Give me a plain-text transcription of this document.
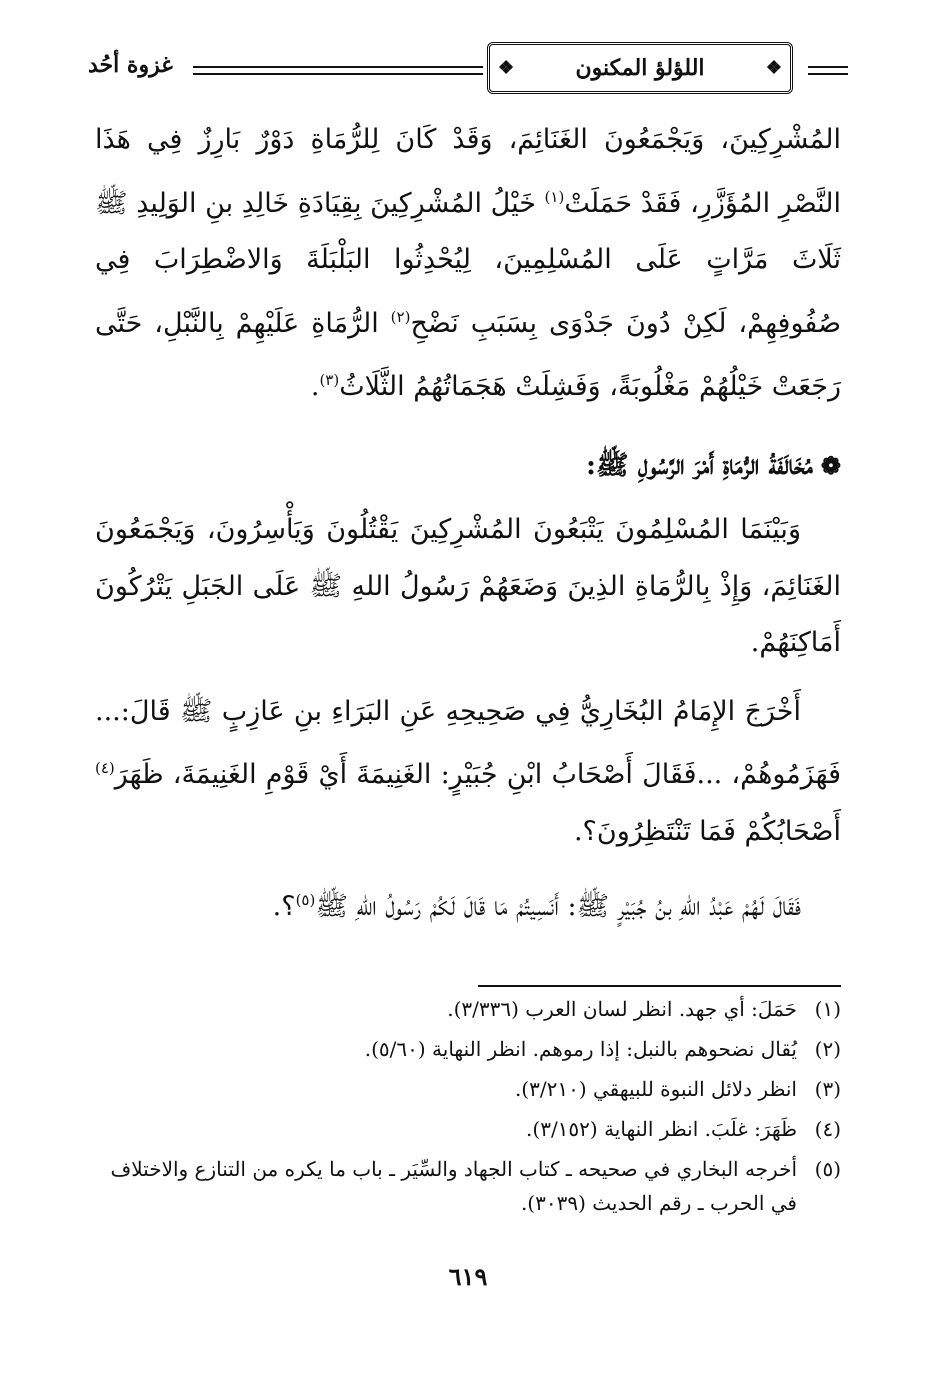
غزوة أحُد	❖
اللؤلؤ المكنون
❖

المُشْرِكِينَ، وَيَجْمَعُونَ الغَنَائِمَ، وَقَدْ كَانَ لِلرُّمَاةِ دَوْرٌ بَارِزٌ فِي هَذَا النَّصْرِ المُؤَزَّرِ، فَقَدْ حَمَلَتْ$^{(١)}$ خَيْلُ المُشْرِكِينَ بِقِيَادَةِ خَالِدِ بنِ الوَلِيدِ ﷺ ثَلَاثَ مَرَّاتٍ عَلَى المُسْلِمِينَ، لِيُحْدِثُوا البَلْبَلَةَ وَالاضْطِرَابَ فِي صُفُوفِهِمْ، لَكِنْ دُونَ جَدْوَى بِسَبَبِ نَضْحِ$^{(٢)}$ الرُّمَاةِ عَلَيْهِمْ بِالنَّبْلِ، حَتَّى رَجَعَتْ خَيْلُهُمْ مَغْلُوبَةً، وَفَشِلَتْ هَجَمَاتُهُمُ الثَّلَاثُ$^{(٣)}$.

❁مُخَالَفَةُ الرُّمَاةِ أَمْرَ الرَّسُولِ ﷺ:

وَبَيْنَمَا المُسْلِمُونَ يَتْبَعُونَ المُشْرِكِينَ يَقْتُلُونَ وَيَأْسِرُونَ، وَيَجْمَعُونَ الغَنَائِمَ، وَإِذْ بِالرُّمَاةِ الذِينَ وَضَعَهُمْ رَسُولُ اللهِ ﷺ عَلَى الجَبَلِ يَتْرُكُونَ أَمَاكِنَهُمْ.

أَخْرَجَ الإِمَامُ البُخَارِيُّ فِي صَحِيحِهِ عَنِ البَرَاءِ بنِ عَازِبٍ ﷺ قَالَ:... فَهَزَمُوهُمْ، ...فَقَالَ أَصْحَابُ ابْنِ جُبَيْرٍ: الغَنِيمَةَ أَيْ قَوْمِ الغَنِيمَةَ، ظَهَرَ$^{(٤)}$ أَصْحَابُكُمْ فَمَا تَنْتَظِرُونَ؟.

فَقَالَ لَهُمْ عَبْدُ اللهِ بنُ جُبَيْرٍ ﷺ: أَنَسِيتُمْ مَا قَالَ لَكُمْ رَسُولُ اللهِ ﷺ$^{(٥)}$؟.

(١)
حَمَلَ: أي جهد. انظر لسان العرب (٣/٣٣٦).
(٢)
يُقال نضحوهم بالنبل: إذا رموهم. انظر النهاية (٥/٦٠).
(٣)
انظر دلائل النبوة للبيهقي (٣/٢١٠).
(٤)
ظَهَرَ: غلَبَ. انظر النهاية (٣/١٥٢).
(٥)
أخرجه البخاري في صحيحه ـ كتاب الجهاد والسِّيَر ـ باب ما يكره من التنازع والاختلاف في الحرب ـ رقم الحديث (٣٠٣٩).
٦١٩
